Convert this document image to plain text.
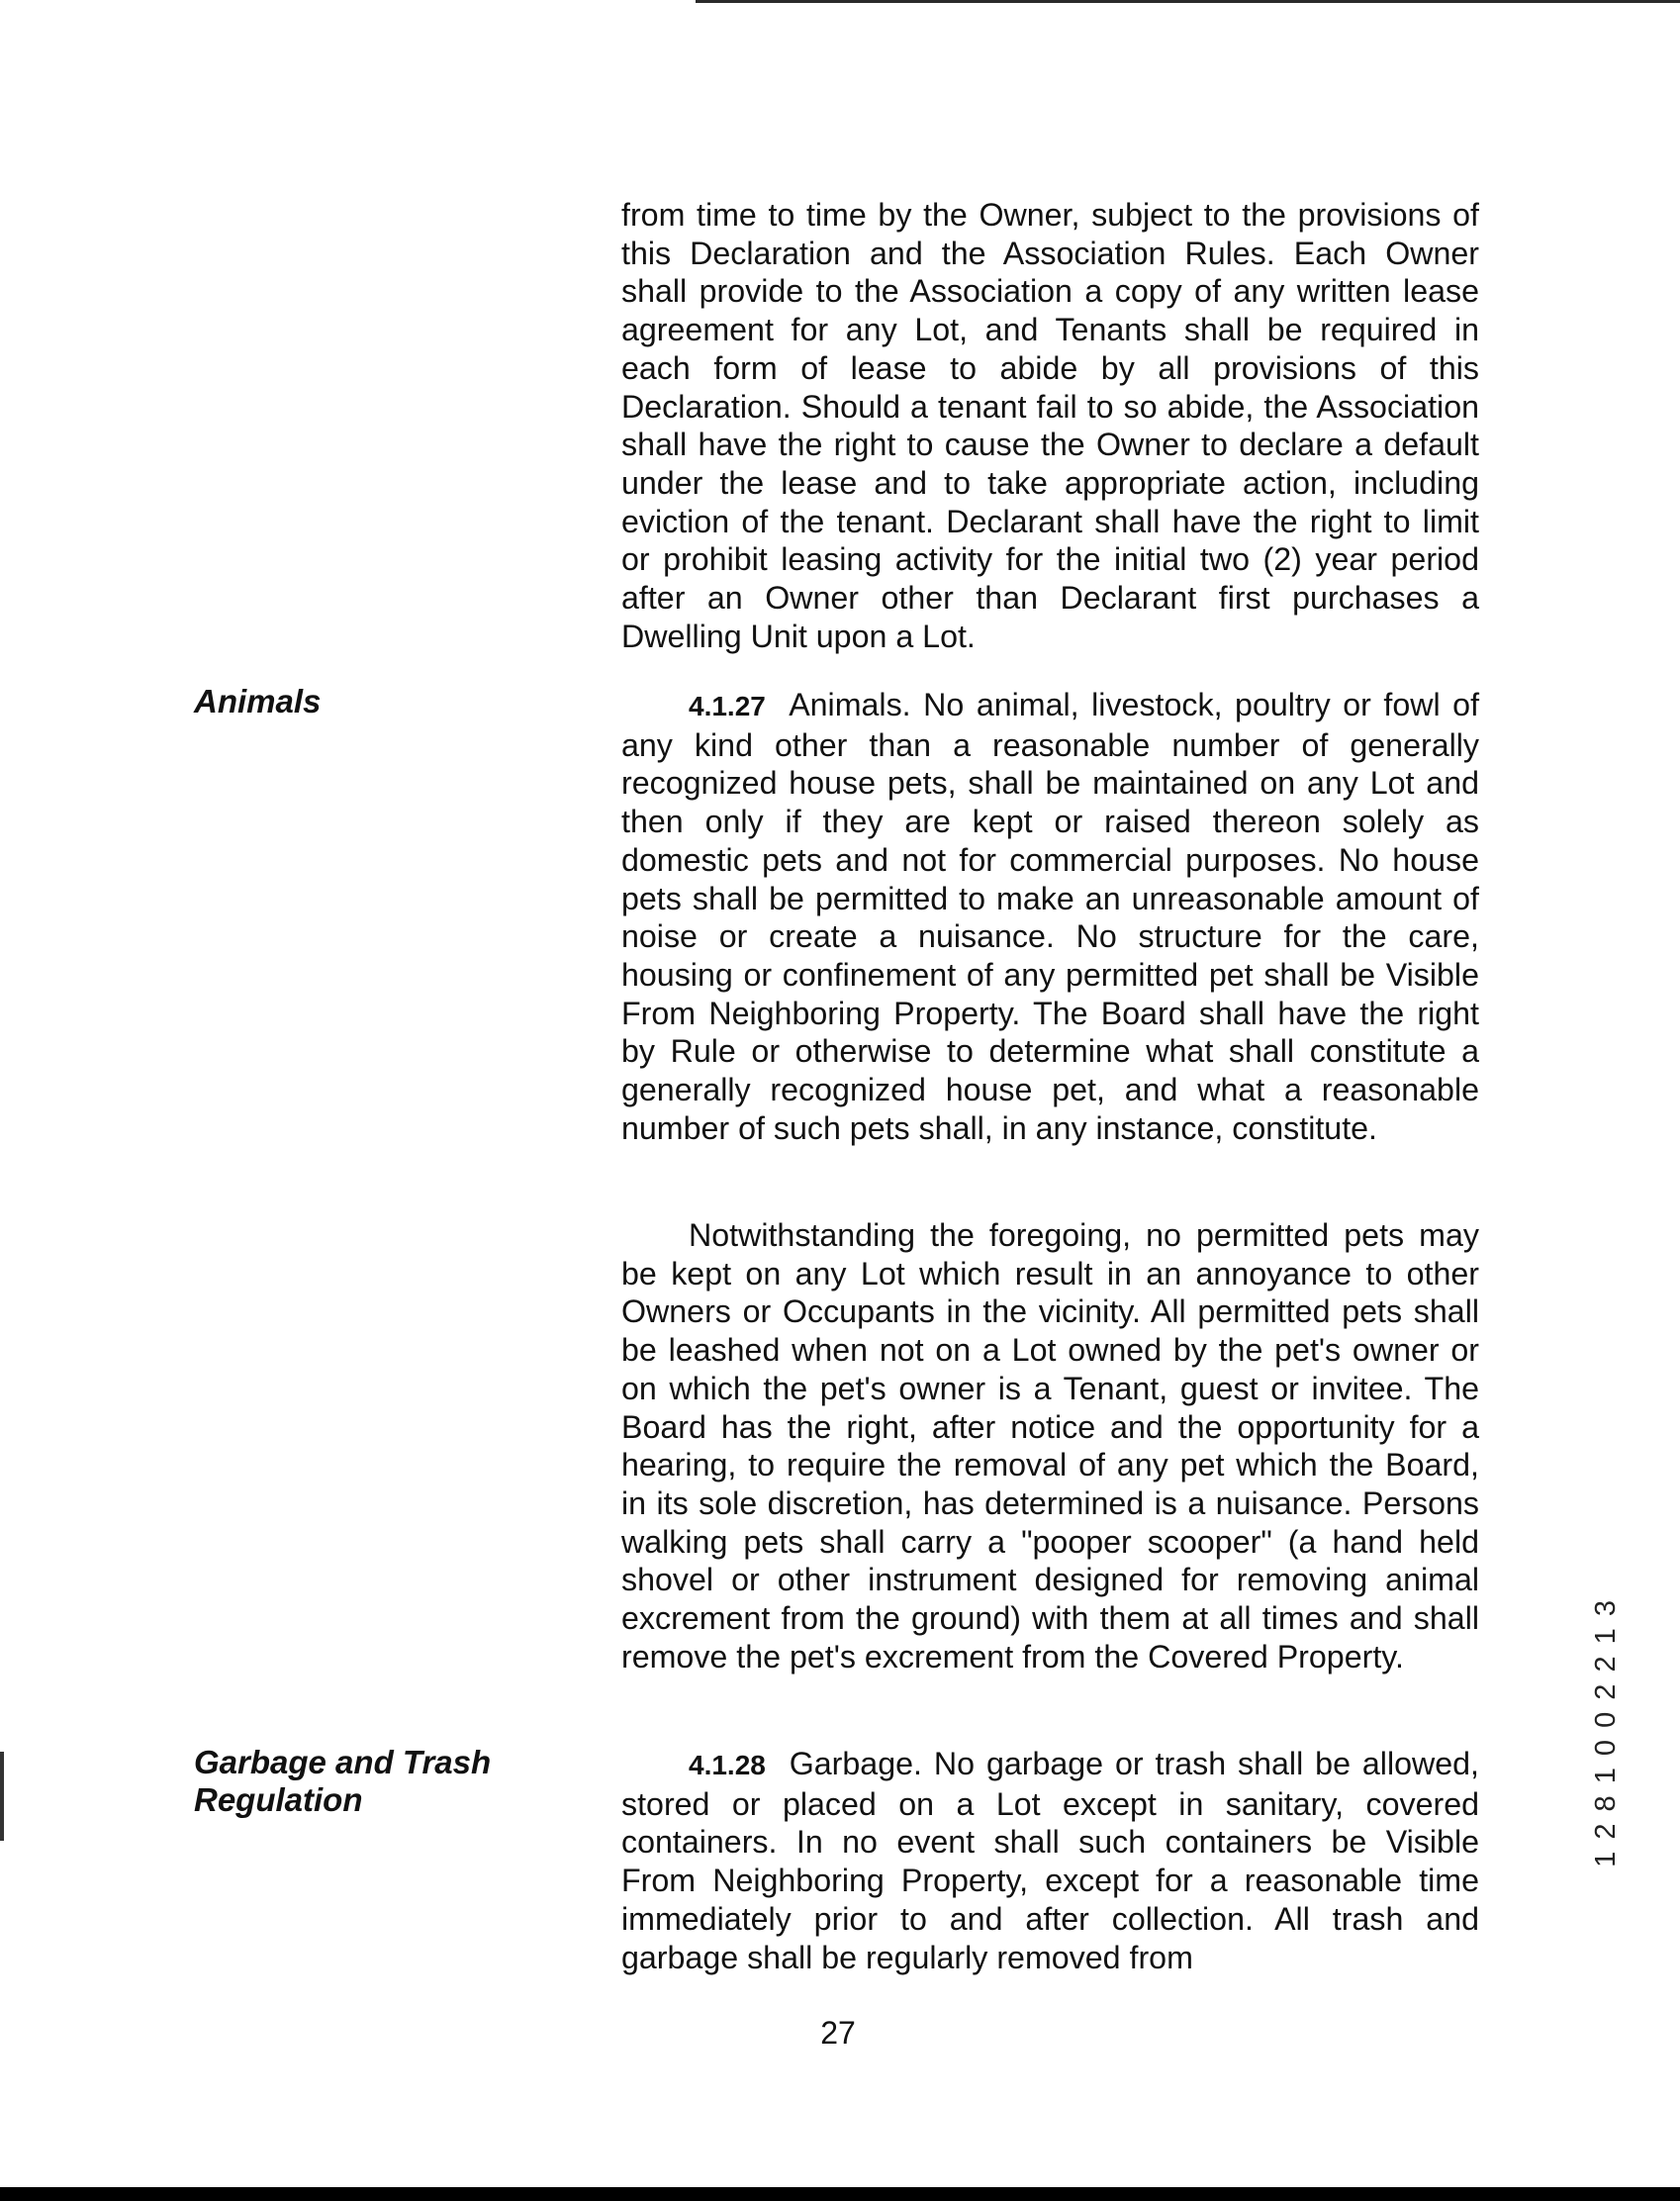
from time to time by the Owner, subject to the provisions of this Declaration and the Association Rules. Each Owner shall provide to the Association a copy of any written lease agreement for any Lot, and Tenants shall be required in each form of lease to abide by all provisions of this Declaration. Should a tenant fail to so abide, the Association shall have the right to cause the Owner to declare a default under the lease and to take appropriate action, including eviction of the tenant. Declarant shall have the right to limit or prohibit leasing activity for the initial two (2) year period after an Owner other than Declarant first purchases a Dwelling Unit upon a Lot.

Animals	4.1.27 Animals. No animal, livestock, poultry or fowl of any kind other than a reasonable number of generally recognized house pets, shall be maintained on any Lot and then only if they are kept or raised thereon solely as domestic pets and not for commercial purposes. No house pets shall be permitted to make an unreasonable amount of noise or create a nuisance. No structure for the care, housing or confinement of any permitted pet shall be Visible From Neighboring Property. The Board shall have the right by Rule or otherwise to determine what shall constitute a generally recognized house pet, and what a reasonable number of such pets shall, in any instance, constitute.

Notwithstanding the foregoing, no permitted pets may be kept on any Lot which result in an annoyance to other Owners or Occupants in the vicinity. All permitted pets shall be leashed when not on a Lot owned by the pet's owner or on which the pet's owner is a Tenant, guest or invitee. The Board has the right, after notice and the opportunity for a hearing, to require the removal of any pet which the Board, in its sole discretion, has determined is a nuisance. Persons walking pets shall carry a "pooper scooper" (a hand held shovel or other instrument designed for removing animal excrement from the ground) with them at all times and shall remove the pet's excrement from the Covered Property.

Garbage and Trash
Regulation

4.1.28 Garbage. No garbage or trash shall be allowed, stored or placed on a Lot except in sanitary, covered containers. In no event shall such containers be Visible From Neighboring Property, except for a reasonable time immediately prior to and after collection. All trash and garbage shall be regularly removed from

1 2 8 1 0 0 2 2 1 3
27
